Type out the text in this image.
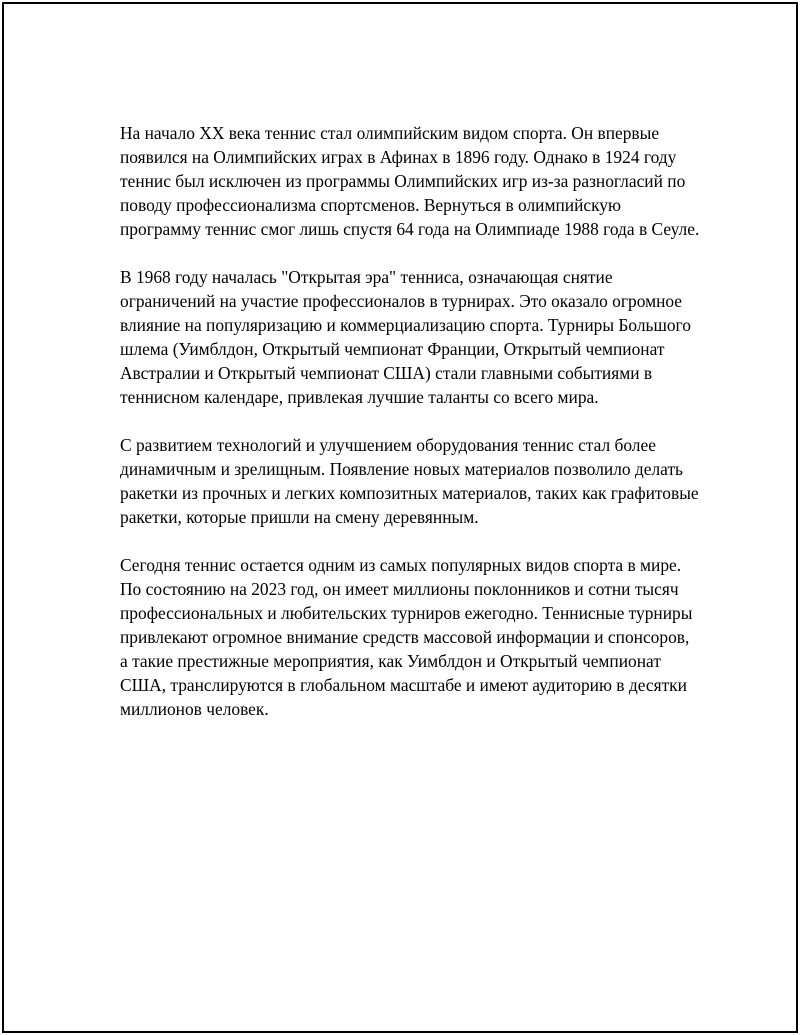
На начало XX века теннис стал олимпийским видом спорта. Он впервые появился на Олимпийских играх в Афинах в 1896 году. Однако в 1924 году теннис был исключен из программы Олимпийских игр из-за разногласий по поводу профессионализма спортсменов. Вернуться в олимпийскую программу теннис смог лишь спустя 64 года на Олимпиаде 1988 года в Сеуле.

В 1968 году началась "Открытая эра" тенниса, означающая снятие ограничений на участие профессионалов в турнирах. Это оказало огромное влияние на популяризацию и коммерциализацию спорта. Турниры Большого шлема (Уимблдон, Открытый чемпионат Франции, Открытый чемпионат Австралии и Открытый чемпионат США) стали главными событиями в теннисном календаре, привлекая лучшие таланты со всего мира.

С развитием технологий и улучшением оборудования теннис стал более динамичным и зрелищным. Появление новых материалов позволило делать ракетки из прочных и легких композитных материалов, таких как графитовые ракетки, которые пришли на смену деревянным.

Сегодня теннис остается одним из самых популярных видов спорта в мире. По состоянию на 2023 год, он имеет миллионы поклонников и сотни тысяч профессиональных и любительских турниров ежегодно. Теннисные турниры привлекают огромное внимание средств массовой информации и спонсоров, а такие престижные мероприятия, как Уимблдон и Открытый чемпионат США, транслируются в глобальном масштабе и имеют аудиторию в десятки миллионов человек.
